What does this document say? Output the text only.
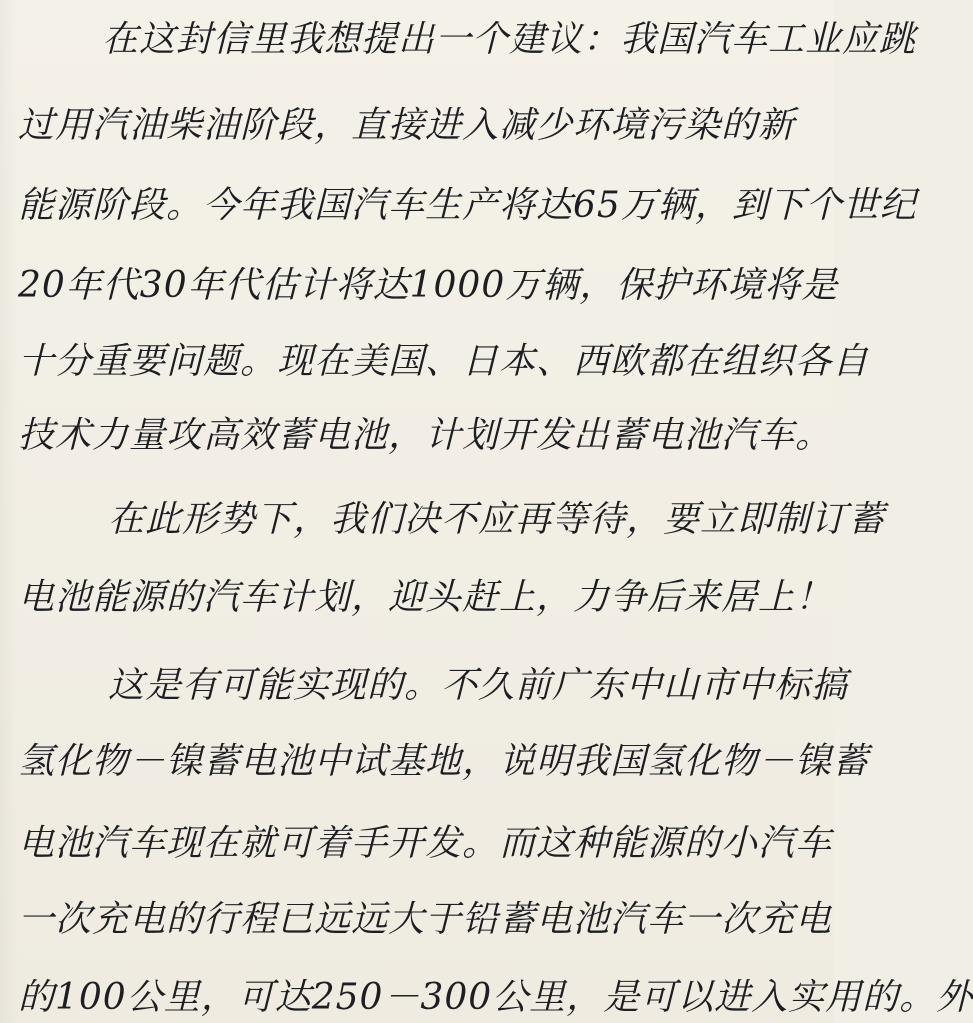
在这封信里我想提出一个建议：我国汽车工业应跳
过用汽油柴油阶段，直接进入减少环境污染的新
能源阶段。今年我国汽车生产将达65万辆，到下个世纪
20年代30年代估计将达1000万辆，保护环境将是
十分重要问题。现在美国、日本、西欧都在组织各自
技术力量攻高效蓄电池，计划开发出蓄电池汽车。
在此形势下，我们决不应再等待，要立即制订蓄
电池能源的汽车计划，迎头赶上，力争后来居上！
这是有可能实现的。不久前广东中山市中标搞
氢化物－镍蓄电池中试基地，说明我国氢化物－镍蓄
电池汽车现在就可着手开发。而这种能源的小汽车
一次充电的行程已远远大于铅蓄电池汽车一次充电
的100公里，可达250－300公里，是可以进入实用的。外
